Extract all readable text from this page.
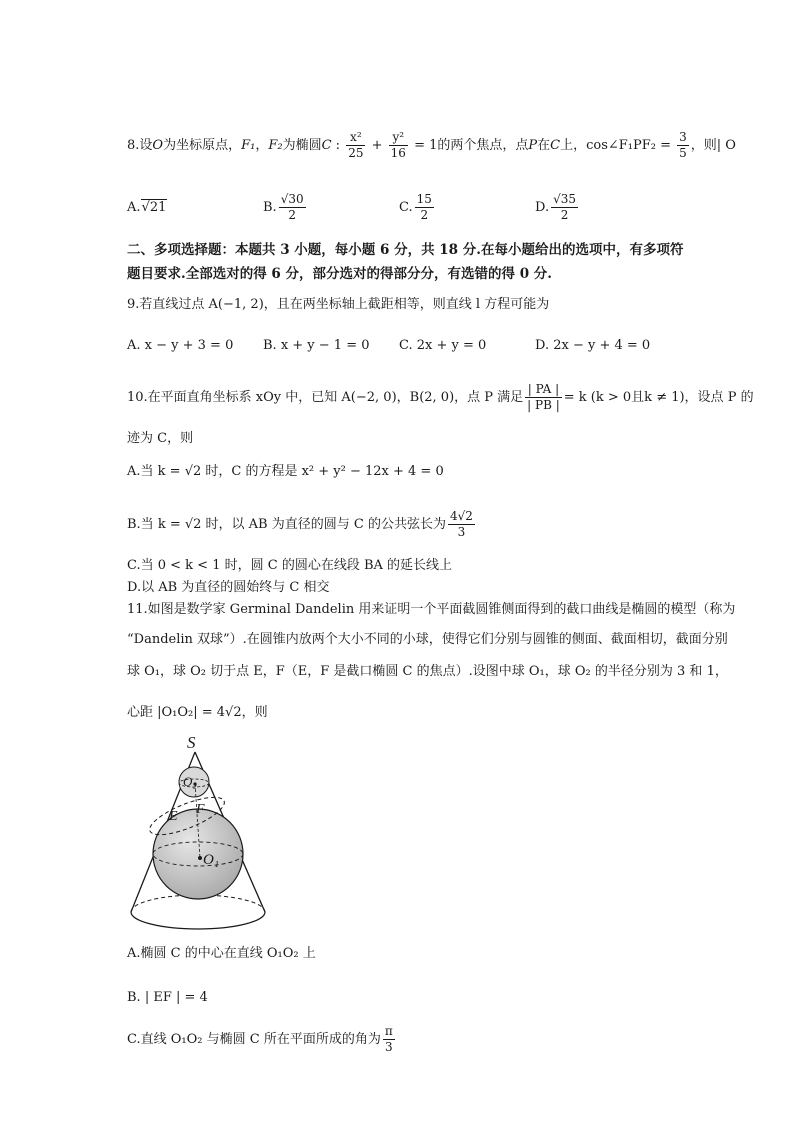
8.设O为坐标原点，F₁，F₂为椭圆C : $\frac{\text{x²}}{25} + \frac{\text{y²}}{16} = 1$的两个焦点，点P在C上，cos∠F₁PF₂ = $\frac{3}{5}$ ，则| O
A.√21	B. $\frac{√30}{2}$	C. $\frac{15}{2}$	D. $\frac{√35}{2}$
二、多项选择题：本题共 3 小题，每小题 6 分，共 18 分.在每小题给出的选项中，有多项符
题目要求.全部选对的得 6 分，部分选对的得部分分，有选错的得 0 分.
9.若直线过点 A(−1, 2)，且在两坐标轴上截距相等，则直线 l 方程可能为
A. x − y + 3 = 0 B. x + y − 1 = 0 C. 2x + y = 0	D. 2x − y + 4 = 0
10.在平面直角坐标系 xOy 中，已知 A(−2, 0)，B(2, 0)，点 P 满足 $\frac{| PA |}{| PB |} = k$ (k > 0且k ≠ 1)，设点 P 的
迹为 C，则
A.当 k = √2 时，C 的方程是 x² + y² − 12x + 4 = 0
B.当 k = √2 时，以 AB 为直径的圆与 C 的公共弦长为 $\frac{4√2}{3}$
C.当 0 < k < 1 时，圆 C 的圆心在线段 BA 的延长线上
D.以 AB 为直径的圆始终与 C 相交
11.如图是数学家 Germinal Dandelin 用来证明一个平面截圆锥侧面得到的截口曲线是椭圆的模型（称为
“Dandelin 双球”）.在圆锥内放两个大小不同的小球，使得它们分别与圆锥的侧面、截面相切，截面分别
球 O₁，球 O₂ 切于点 E，F（E，F 是截口椭圆 C 的焦点）.设图中球 O₁，球 O₂ 的半径分别为 3 和 1，
心距 |O₁O₂| = 4√2，则
S
O₂
E F
O₁
A.椭圆 C 的中心在直线 O₁O₂ 上
B. | EF | = 4
C.直线 O₁O₂ 与椭圆 C 所在平面所成的角为 $\frac{\pi}{3}$
